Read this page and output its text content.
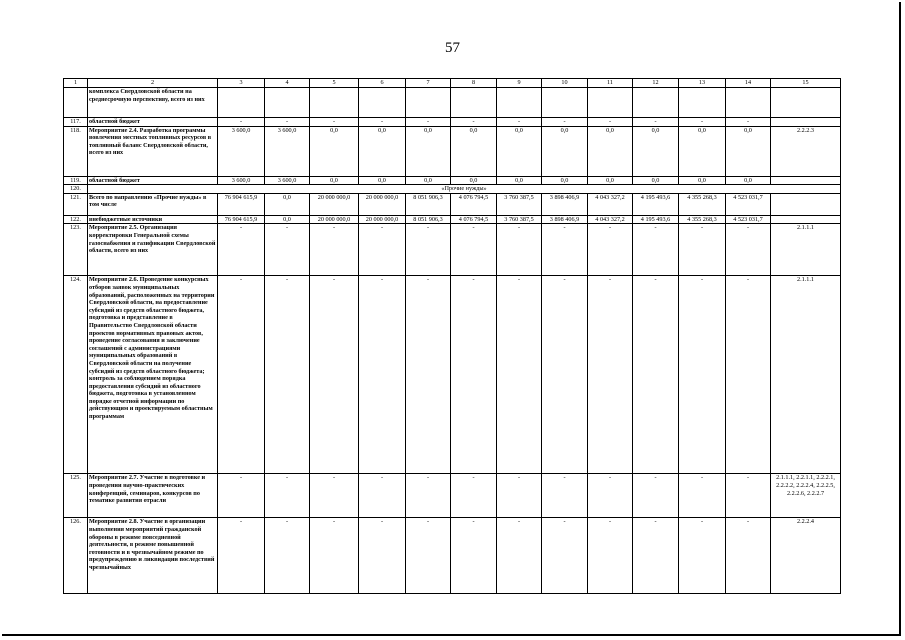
57
1	2	3	4	5	6	7	8	9	10	11	12	13	14	15
	комплекса Свердловской области на среднесрочную перспективу, всего из них													
117.	областной бюджет	-	-	-	-	-	-	-	-	-	-	-	-	
118.	Мероприятие 2.4. Разработка программы вовлечения местных топливных ресурсов в топливный баланс Свердловской области, всего из них	3 600,0	3 600,0	0,0	0,0	0,0	0,0	0,0	0,0	0,0	0,0	0,0	0,0	2.2.2.3
119.	областной бюджет	3 600,0	3 600,0	0,0	0,0	0,0	0,0	0,0	0,0	0,0	0,0	0,0	0,0	
120.	«Прочие нужды»													
121.	Всего по направлению «Прочие нужды» в том числе	76 904 615,9	0,0	20 000 000,0	20 000 000,0	8 051 906,3	4 076 794,5	3 760 387,5	3 898 406,9	4 043 327,2	4 195 493,6	4 355 268,3	4 523 031,7	
122.	внебюджетные источники	76 904 615,9	0,0	20 000 000,0	20 000 000,0	8 051 906,3	4 076 794,5	3 760 387,5	3 898 406,9	4 043 327,2	4 195 493,6	4 355 268,3	4 523 031,7	
123.	Мероприятие 2.5. Организация корректировки Генеральной схемы газоснабжения и газификации Свердловской области, всего из них	-	-	-	-	-	-	-	-	-	-	-	-	2.1.1.1
124.	Мероприятие 2.6. Проведение конкурсных отборов заявок муниципальных образований, расположенных на территории Свердловской области, на предоставление субсидий из средств областного бюджета, подготовка и представление в Правительство Свердловской области проектов нормативных правовых актов, проведение согласования и заключение соглашений с администрациями муниципальных образований в Свердловской области на получение субсидий из средств областного бюджета; контроль за соблюдением порядка предоставления субсидий из областного бюджета, подготовка в установленном порядке отчетной информации по действующим и проектируемым областным программам	-	-	-	-	-	-	-	-	-	-	-	-	2.1.1.1
125.	Мероприятие 2.7. Участие в подготовке и проведении научно-практических конференций, семинаров, конкурсов по тематике развития отрасли	-	-	-	-	-	-	-	-	-	-	-	-	2.1.1.1, 2.2.1.1, 2.2.2.1, 2.2.2.2, 2.2.2.4, 2.2.2.5, 2.2.2.6, 2.2.2.7
126.	Мероприятие 2.8. Участие в организации выполнения мероприятий гражданской обороны в режиме повседневной деятельности, в режиме повышенной готовности и в чрезвычайном режиме по предупреждению и ликвидации последствий чрезвычайных	-	-	-	-	-	-	-	-	-	-	-	-	2.2.2.4
